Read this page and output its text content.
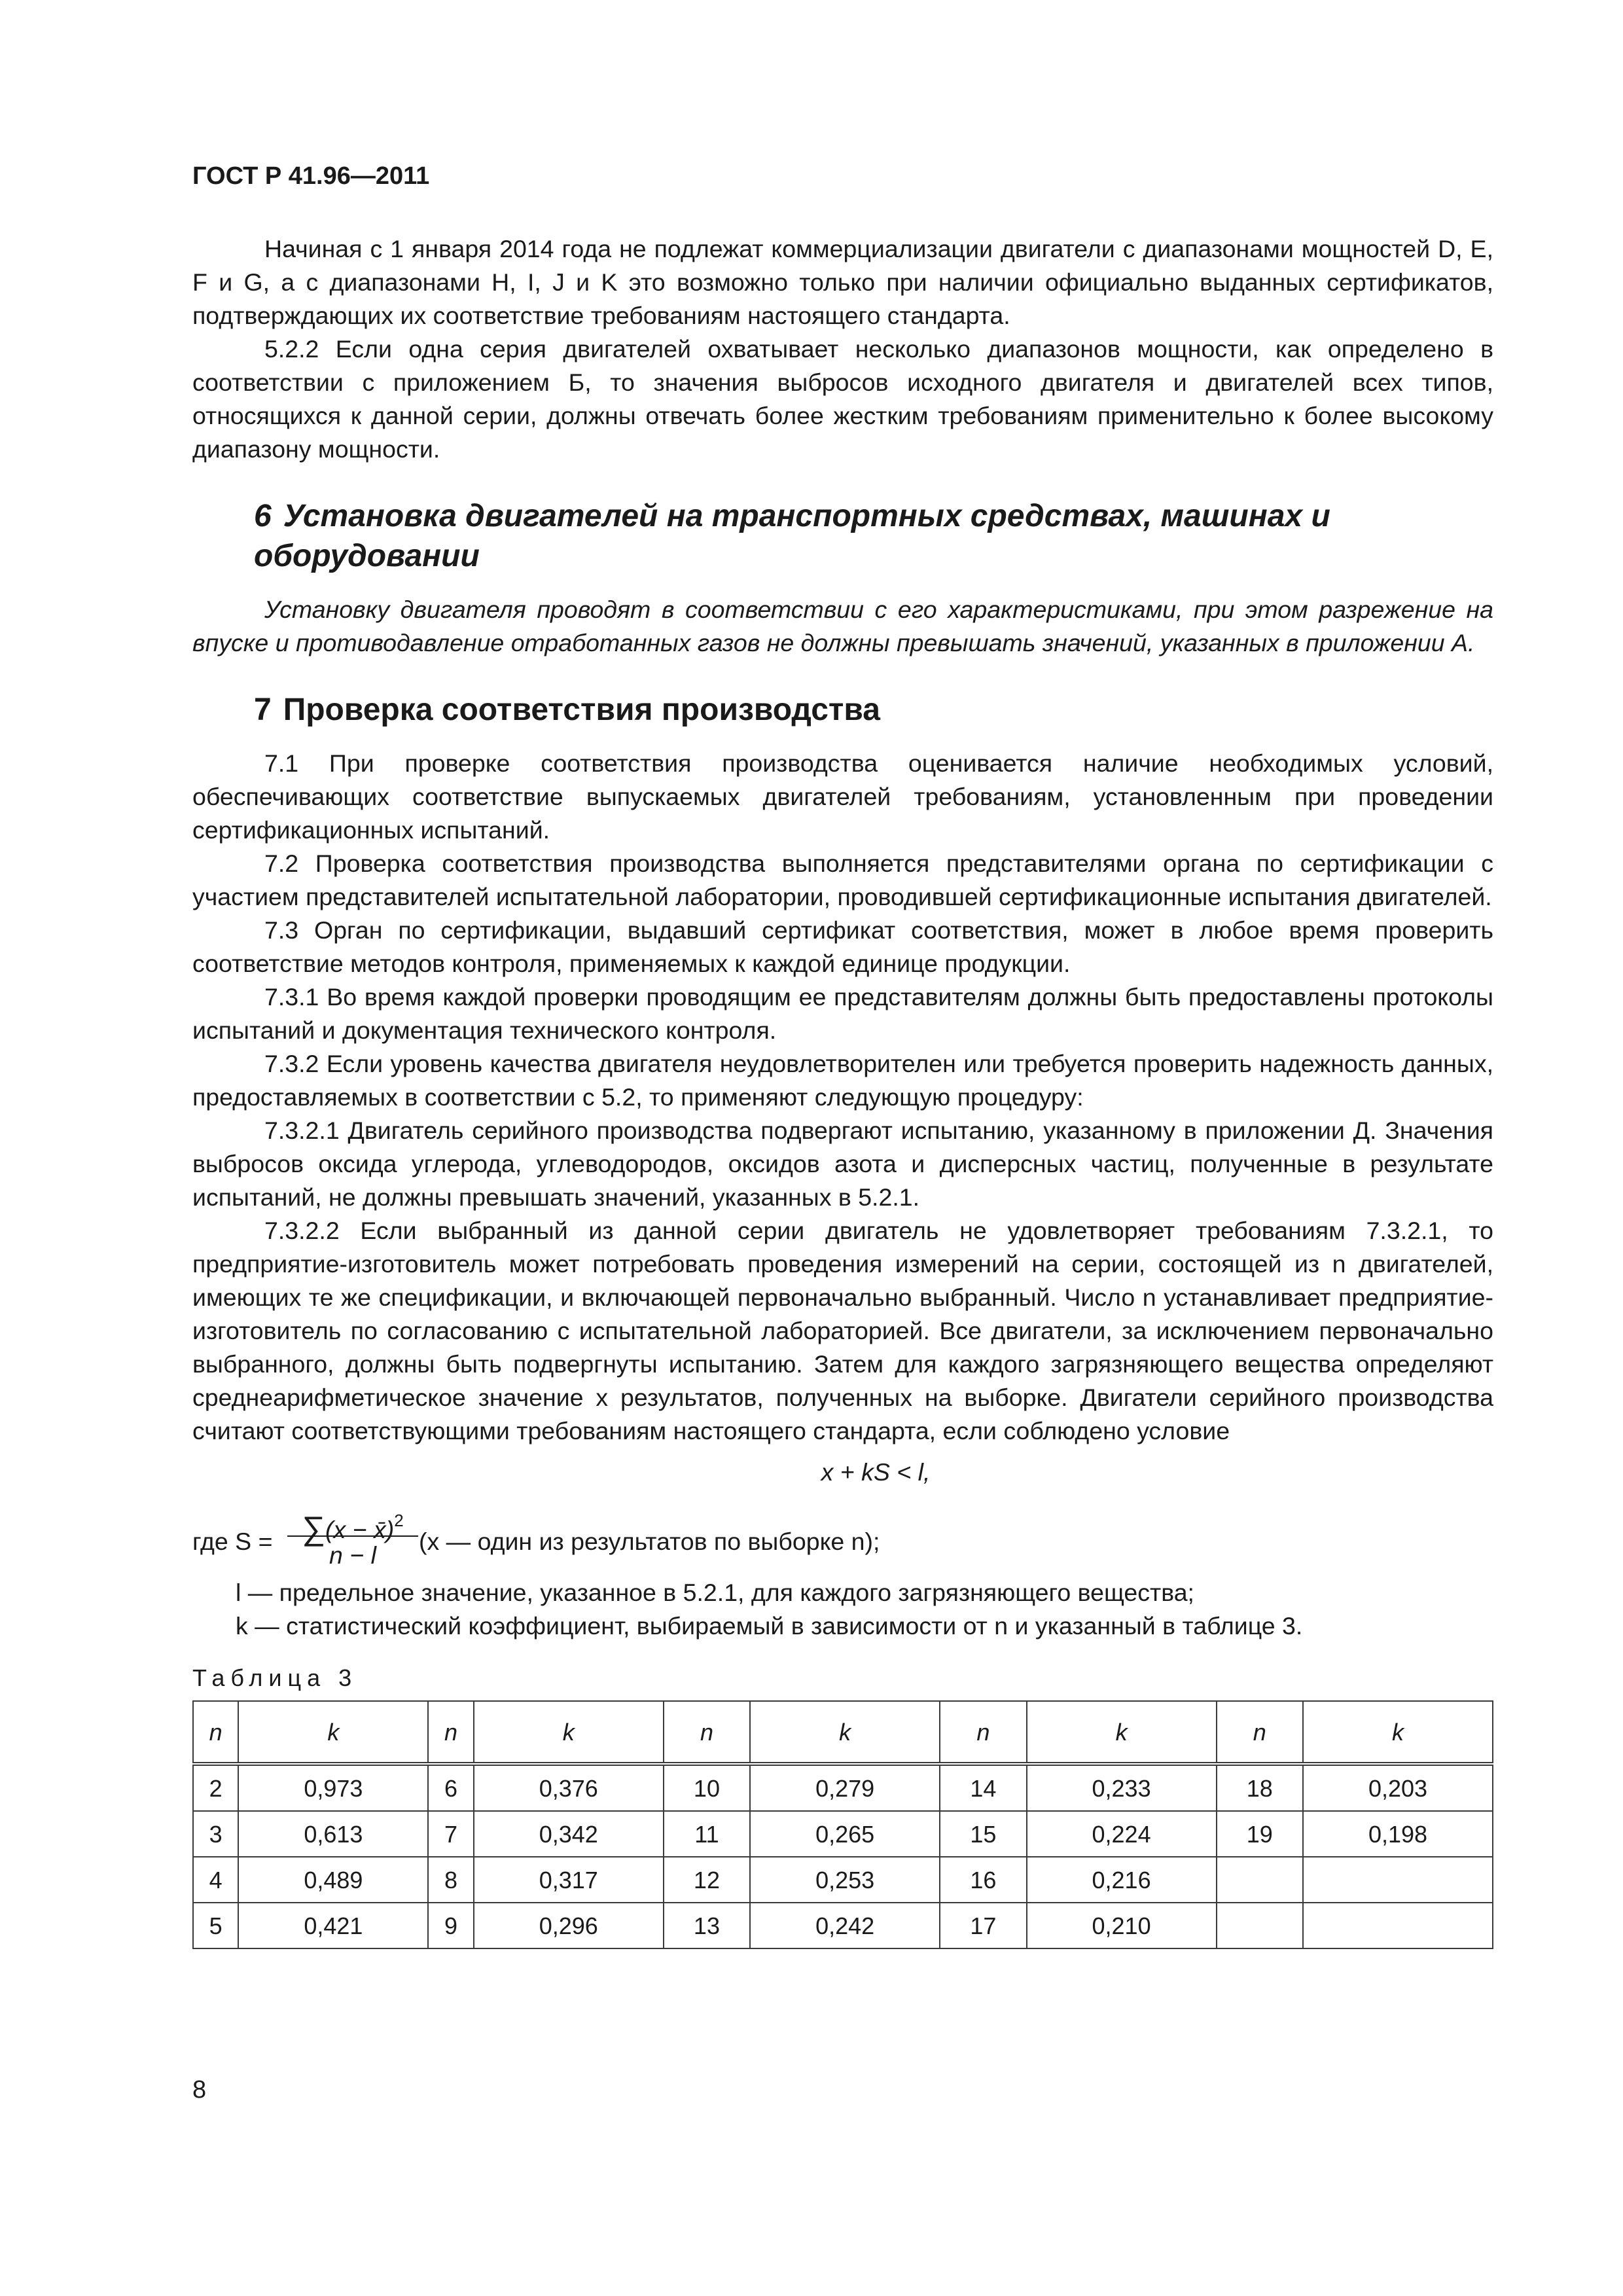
ГОСТ Р 41.96—2011

Начиная с 1 января 2014 года не подлежат коммерциализации двигатели с диапазонами мощностей D, E, F и G, а с диапазонами H, I, J и K это возможно только при наличии официально выданных сертификатов, подтверждающих их соответствие требованиям настоящего стандарта.

5.2.2 Если одна серия двигателей охватывает несколько диапазонов мощности, как определено в соответствии с приложением Б, то значения выбросов исходного двигателя и двигателей всех типов, относящихся к данной серии, должны отвечать более жестким требованиям применительно к более высокому диапазону мощности.

6 Установка двигателей на транспортных средствах, машинах и оборудовании

Установку двигателя проводят в соответствии с его характеристиками, при этом разрежение на впуске и противодавление отработанных газов не должны превышать значений, указанных в приложении А.

7 Проверка соответствия производства

7.1 При проверке соответствия производства оценивается наличие необходимых условий, обеспечивающих соответствие выпускаемых двигателей требованиям, установленным при проведении сертификационных испытаний.

7.2 Проверка соответствия производства выполняется представителями органа по сертификации с участием представителей испытательной лаборатории, проводившей сертификационные испытания двигателей.

7.3 Орган по сертификации, выдавший сертификат соответствия, может в любое время проверить соответствие методов контроля, применяемых к каждой единице продукции.

7.3.1 Во время каждой проверки проводящим ее представителям должны быть предоставлены протоколы испытаний и документация технического контроля.

7.3.2 Если уровень качества двигателя неудовлетворителен или требуется проверить надежность данных, предоставляемых в соответствии с 5.2, то применяют следующую процедуру:

7.3.2.1 Двигатель серийного производства подвергают испытанию, указанному в приложении Д. Значения выбросов оксида углерода, углеводородов, оксидов азота и дисперсных частиц, полученные в результате испытаний, не должны превышать значений, указанных в 5.2.1.

7.3.2.2 Если выбранный из данной серии двигатель не удовлетворяет требованиям 7.3.2.1, то предприятие-изготовитель может потребовать проведения измерений на серии, состоящей из n двигателей, имеющих те же спецификации, и включающей первоначально выбранный. Число n устанавливает предприятие-изготовитель по согласованию с испытательной лабораторией. Все двигатели, за исключением первоначально выбранного, должны быть подвергнуты испытанию. Затем для каждого загрязняющего вещества определяют среднеарифметическое значение x результатов, полученных на выборке. Двигатели серийного производства считают соответствующими требованиям настоящего стандарта, если соблюдено условие

x + kS < l,
где $S = \frac{\sum(x - x̄)^2}{n - l} (x$ — один из результатов по выборке n);
l — предельное значение, указанное в 5.2.1, для каждого загрязняющего вещества;
k — статистический коэффициент, выбираемый в зависимости от n и указанный в таблице 3.
Таблица 3
n	k	n	k	n	k	n	k	n	k
2	0,973	6	0,376	10	0,279	14	0,233	18	0,203
3	0,613	7	0,342	11	0,265	15	0,224	19	0,198
4	0,489	8	0,317	12	0,253	16	0,216		
5	0,421	9	0,296	13	0,242	17	0,210		
8
